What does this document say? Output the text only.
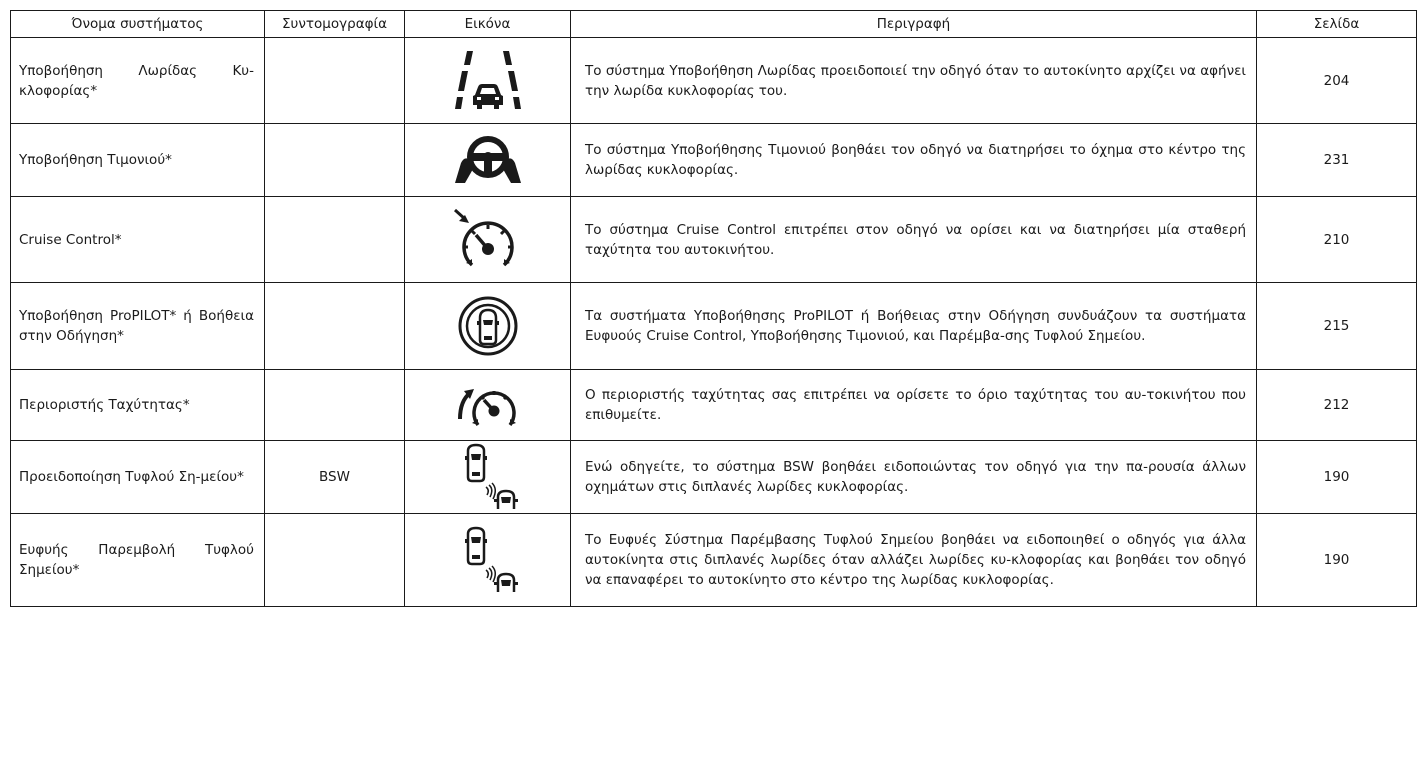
Όνομα συστήματος	Συντομογραφία	Εικόνα	Περιγραφή	Σελίδα
Υποβοήθηση Λωρίδας Κυ-κλοφορίας*			Το σύστημα Υποβοήθηση Λωρίδας προειδοποιεί την οδηγό όταν το αυτοκίνητο αρχίζει να αφήνει την λωρίδα κυκλοφορίας του.	204
Υποβοήθηση Τιμονιού*			Το σύστημα Υποβοήθησης Τιμονιού βοηθάει τον οδηγό να διατηρήσει το όχημα στο κέντρο της λωρίδας κυκλοφορίας.	231
Cruise Control*			Το σύστημα Cruise Control επιτρέπει στον οδηγό να ορίσει και να διατηρήσει μία σταθερή ταχύτητα του αυτοκινήτου.	210
Υποβοήθηση ProPILOT* ή Βοήθεια στην Οδήγηση*			Τα συστήματα Υποβοήθησης ProPILOT ή Βοήθειας στην Οδήγηση συνδυάζουν τα συστήματα Ευφυούς Cruise Control, Υποβοήθησης Τιμονιού, και Παρέμβα-σης Τυφλού Σημείου.	215
Περιοριστής Ταχύτητας*			Ο περιοριστής ταχύτητας σας επιτρέπει να ορίσετε το όριο ταχύτητας του αυ-τοκινήτου που επιθυμείτε.	212
Προειδοποίηση Τυφλού Ση-μείου*	BSW		Ενώ οδηγείτε, το σύστημα BSW βοηθάει ειδοποιώντας τον οδηγό για την πα-ρουσία άλλων οχημάτων στις διπλανές λωρίδες κυκλοφορίας.	190
Ευφυής Παρεμβολή Τυφλού Σημείου*			Το Ευφυές Σύστημα Παρέμβασης Τυφλού Σημείου βοηθάει να ειδοποιηθεί ο οδηγός για άλλα αυτοκίνητα στις διπλανές λωρίδες όταν αλλάζει λωρίδες κυ-κλοφορίας και βοηθάει τον οδηγό να επαναφέρει το αυτοκίνητο στο κέντρο της λωρίδας κυκλοφορίας.	190
